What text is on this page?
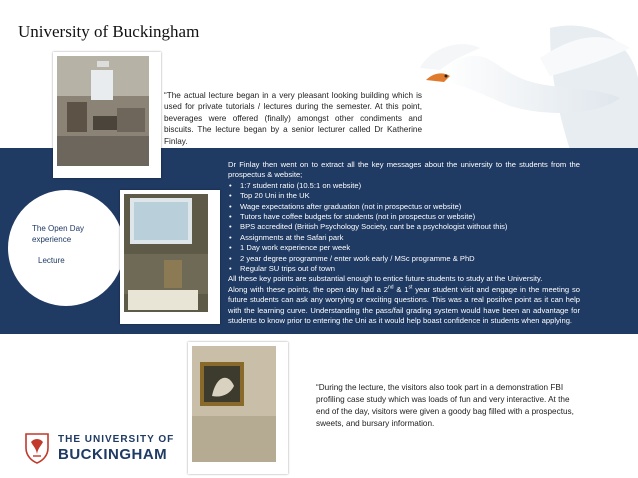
University of Buckingham
“The actual lecture began in a very pleasant looking building which is used for private tutorials / lectures during the semester. At this point, beverages were offered (finally) amongst other condiments and biscuits. The lecture began by a senior lecturer called Dr Katherine Finlay.
The Open Day
experience
Lecture

Dr Finlay then went on to extract all the key messages about the university to the students from the prospectus & website;

• 1:7 student ratio (10.5:1 on website)
• Top 20 Uni in the UK
• Wage expectations after graduation (not in prospectus or website)
• Tutors have coffee budgets for students (not in prospectus or website)
• BPS accredited (British Psychology Society, cant be a psychologist without this)
• Assignments at the Safari park
• 1 Day work experience per week
• 2 year degree programme / enter work early / MSc programme & PhD
• Regular SU trips out of town

All these key points are substantial enough to entice future students to study at the University.

Along with these points, the open day had a 2nd & 1st year student visit and engage in the meeting so future students can ask any worrying or exciting questions. This was a real positive point as it can help with the learning curve. Understanding the pass/fail grading system would have been an advantage for students to know prior to entering the Uni as it would help boast confidence in students when applying.

“During the lecture, the visitors also took part in a demonstration FBI profiling case study which was loads of fun and very interactive. At the end of the day, visitors were given a goody bag filled with a prospectus, sweets, and bursary information.
THE UNIVERSITY OF
BUCKINGHAM
